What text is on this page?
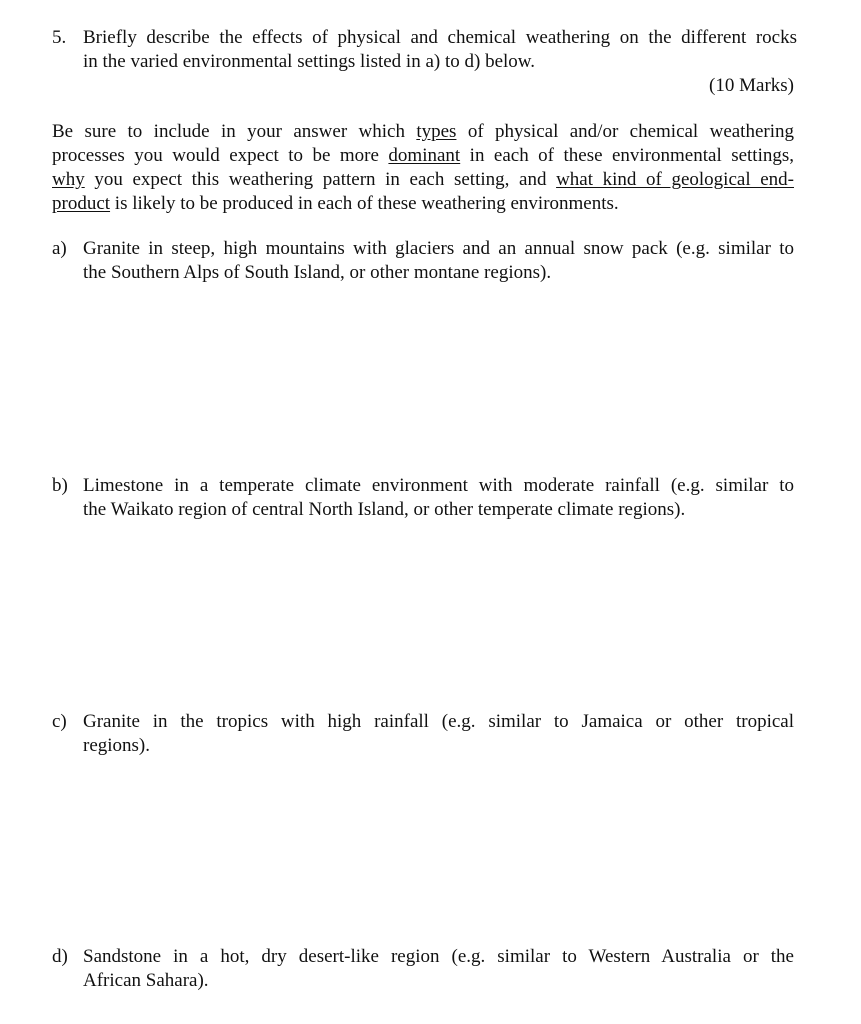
5. Briefly describe the effects of physical and chemical weathering on the different rocks
in the varied environmental settings listed in a) to d) below.
(10 Marks)
Be sure to include in your answer which types of physical and/or chemical weathering
processes you would expect to be more dominant in each of these environmental settings,
why you expect this weathering pattern in each setting, and what kind of geological end-
product is likely to be produced in each of these weathering environments.
a) Granite in steep, high mountains with glaciers and an annual snow pack (e.g. similar to
the Southern Alps of South Island, or other montane regions).
b) Limestone in a temperate climate environment with moderate rainfall (e.g. similar to
the Waikato region of central North Island, or other temperate climate regions).
c) Granite in the tropics with high rainfall (e.g. similar to Jamaica or other tropical
regions).
d) Sandstone in a hot, dry desert-like region (e.g. similar to Western Australia or the
African Sahara).
